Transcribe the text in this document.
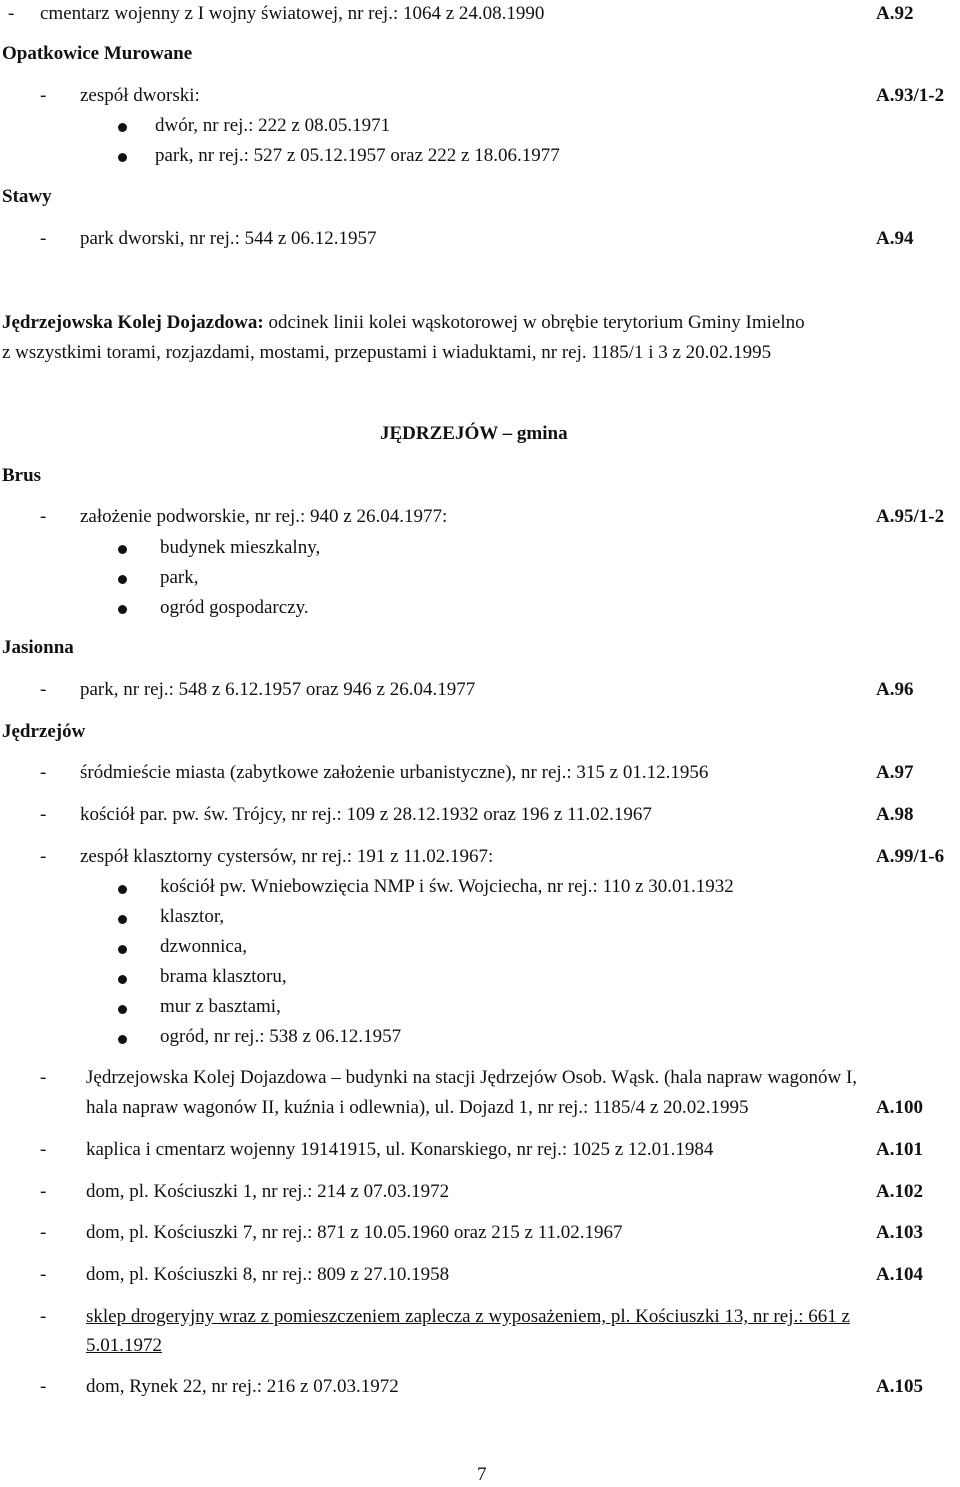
- cmentarz wojenny z I wojny światowej, nr rej.: 1064 z 24.08.1990	A.92
Opatkowice Murowane
- zespół dworski:	A.93/1-2
dwór, nr rej.: 222 z 08.05.1971
park, nr rej.: 527 z 05.12.1957 oraz 222 z 18.06.1977
Stawy
- park dworski, nr rej.: 544 z 06.12.1957	A.94
Jędrzejowska Kolej Dojazdowa: odcinek linii kolei wąskotorowej w obrębie terytorium Gminy Imielno
z wszystkimi torami, rozjazdami, mostami, przepustami i wiaduktami, nr rej. 1185/1 i 3 z 20.02.1995
JĘDRZEJÓW – gmina
Brus
- założenie podworskie, nr rej.: 940 z 26.04.1977:	A.95/1-2
budynek mieszkalny,
park,
ogród gospodarczy.
Jasionna
- park, nr rej.: 548 z 6.12.1957 oraz 946 z 26.04.1977	A.96
Jędrzejów
- śródmieście miasta (zabytkowe założenie urbanistyczne), nr rej.: 315 z 01.12.1956	A.97
- kościół par. pw. św. Trójcy, nr rej.: 109 z 28.12.1932 oraz 196 z 11.02.1967	A.98
- zespół klasztorny cystersów, nr rej.: 191 z 11.02.1967:	A.99/1-6
kościół pw. Wniebowzięcia NMP i św. Wojciecha, nr rej.: 110 z 30.01.1932
klasztor,
dzwonnica,
brama klasztoru,
mur z basztami,
ogród, nr rej.: 538 z 06.12.1957
- Jędrzejowska Kolej Dojazdowa – budynki na stacji Jędrzejów Osob. Wąsk. (hala napraw wagonów I,
hala napraw wagonów II, kuźnia i odlewnia), ul. Dojazd 1, nr rej.: 1185/4 z 20.02.1995	A.100
- kaplica i cmentarz wojenny 19141915, ul. Konarskiego, nr rej.: 1025 z 12.01.1984	A.101
- dom, pl. Kościuszki 1, nr rej.: 214 z 07.03.1972	A.102
- dom, pl. Kościuszki 7, nr rej.: 871 z 10.05.1960 oraz 215 z 11.02.1967	A.103
- dom, pl. Kościuszki 8, nr rej.: 809 z 27.10.1958	A.104
- sklep drogeryjny wraz z pomieszczeniem zaplecza z wyposażeniem, pl. Kościuszki 13, nr rej.: 661 z
5.01.1972
- dom, Rynek 22, nr rej.: 216 z 07.03.1972	A.105
7
